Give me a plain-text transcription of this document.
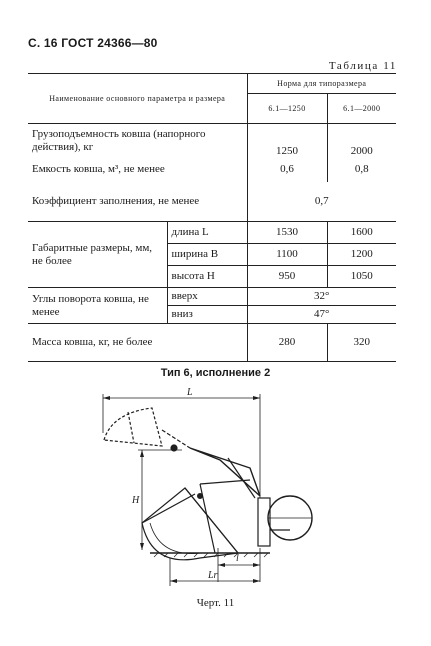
С. 16 ГОСТ 24366—80
Таблица 11
Наименование основного параметра и размера		Норма для типоразмера	
		6.1—1250	6.1—2000
Грузоподъемность ковша (напорного действия), кг		1250	2000
Емкость ковша, м³, не менее		0,6	0,8
Коэффициент заполнения, не менее		0,7	
Габаритные размеры, мм, не более	длина L	1530	1600
	ширина B	1100	1200
	высота H	950	1050
Углы поворота ковша, не менее	вверх	32°	
	вниз	47°	
Масса ковша, кг, не более		280	320
Тип 6, исполнение 2
L
H
l
Lr
Черт. 11
